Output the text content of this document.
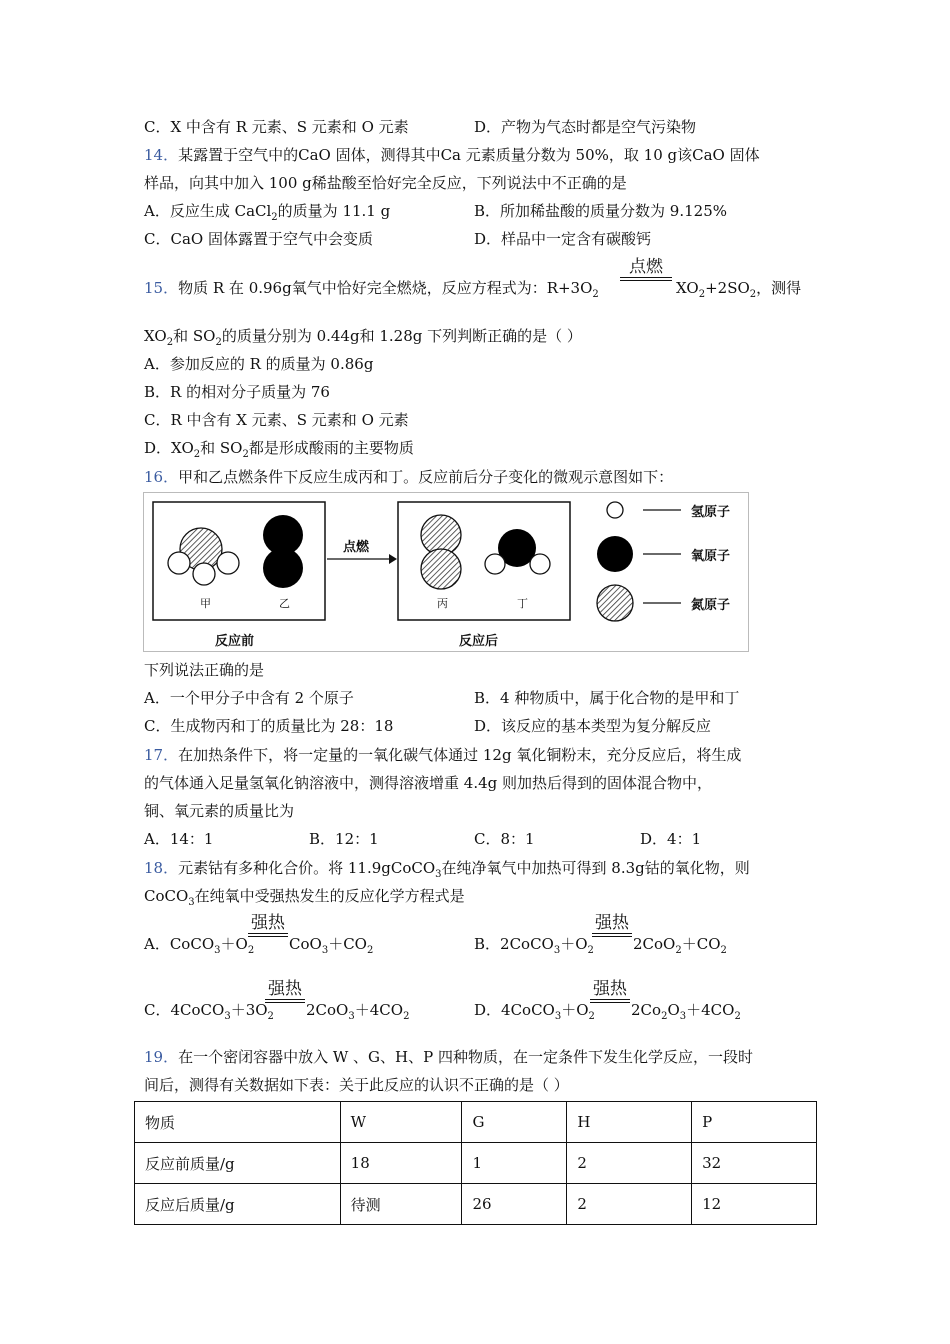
C．X 中含有 R 元素、S 元素和 O 元素	D．产物为气态时都是空气污染物
14．某露置于空气中的CaO 固体，测得其中Ca 元素质量分数为 50%，取 10 g该CaO 固体
样品，向其中加入 100 g稀盐酸至恰好完全反应，下列说法中不正确的是
A．反应生成 CaCl$_2$的质量为 11.1 g	B．所加稀盐酸的质量分数为 9.125%
C．CaO 固体露置于空气中会变质	D．样品中一定含有碳酸钙
15．物质 R 在 0.96g氧气中恰好完全燃烧，反应方程式为：$R+3O_2$
点燃
$XO_2+2SO_2$，测得
$XO_2$和 $SO_2$的质量分别为 0.44g和 1.28g 下列判断正确的是（ ）
A．参加反应的 R 的质量为 0.86g
B．R 的相对分子质量为 76
C．R 中含有 X 元素、S 元素和 O 元素
D．$XO_2$和 $SO_2$都是形成酸雨的主要物质
16．甲和乙点燃条件下反应生成丙和丁。反应前后分子变化的微观示意图如下：
甲	乙
点燃
丙	丁
反应前	反应后
氢原子
氧原子
氮原子
下列说法正确的是
A．一个甲分子中含有 2 个原子	B．4 种物质中，属于化合物的是甲和丁
C．生成物丙和丁的质量比为 28：18	D．该反应的基本类型为复分解反应
17．在加热条件下，将一定量的一氧化碳气体通过 12g 氧化铜粉末，充分反应后，将生成
的气体通入足量氢氧化钠溶液中，测得溶液增重 4.4g 则加热后得到的固体混合物中，
铜、氧元素的质量比为
A．14：1	B．12：1	C．8：1	D．4：1
18．元素钴有多种化合价。将 11.9gCoCO$_3$在纯净氧气中加热可得到 8.3g钴的氧化物，则
CoCO$_3$在纯氧中受强热发生的反应化学方程式是
A．$CoCO_3+O_2$
强热
$CoO_3+CO_2$	B．$2CoCO_3+O_2$
强热
$2CoO_2+CO_2$
C．$4CoCO_3+3O_2$
强热
$2CoO_3+4CO_2$	D．$4CoCO_3+O_2$
强热
$2Co_2O_3+4CO_2$
19．在一个密闭容器中放入 W 、G、H、P 四种物质，在一定条件下发生化学反应，一段时
间后，测得有关数据如下表：关于此反应的认识不正确的是（ ）
物质	W	G	H	P
反应前质量/g	18	1	2	32
反应后质量/g	待测	26	2	12
